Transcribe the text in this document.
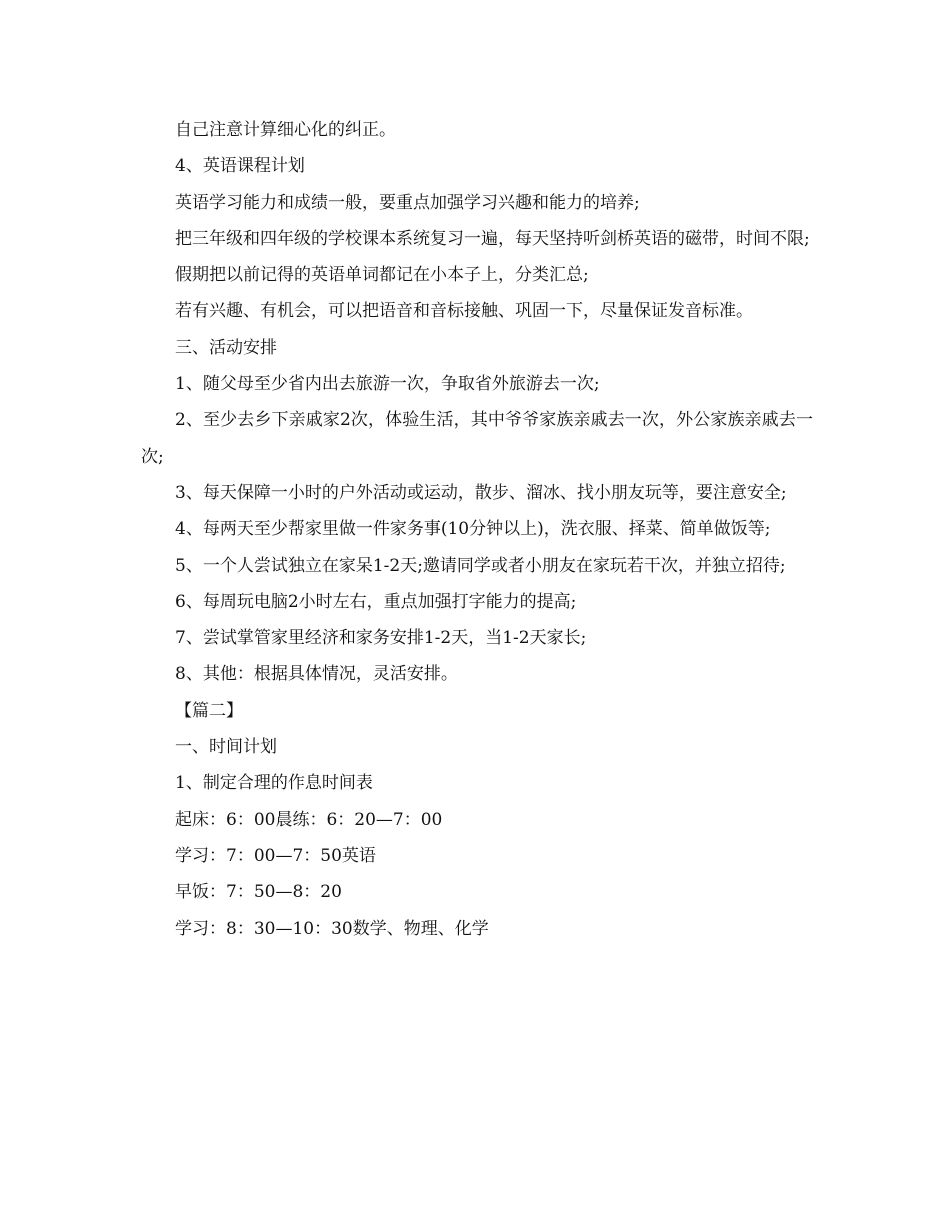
自己注意计算细心化的纠正。

4、英语课程计划

英语学习能力和成绩一般，要重点加强学习兴趣和能力的培养;

把三年级和四年级的学校课本系统复习一遍，每天坚持听剑桥英语的磁带，时间不限;

假期把以前记得的英语单词都记在小本子上，分类汇总;

若有兴趣、有机会，可以把语音和音标接触、巩固一下，尽量保证发音标准。

三、活动安排

1、随父母至少省内出去旅游一次，争取省外旅游去一次;

2、至少去乡下亲戚家2次，体验生活，其中爷爷家族亲戚去一次，外公家族亲戚去一次;

3、每天保障一小时的户外活动或运动，散步、溜冰、找小朋友玩等，要注意安全;

4、每两天至少帮家里做一件家务事(10分钟以上)，洗衣服、择菜、简单做饭等;

5、一个人尝试独立在家呆1-2天;邀请同学或者小朋友在家玩若干次，并独立招待;

6、每周玩电脑2小时左右，重点加强打字能力的提高;

7、尝试掌管家里经济和家务安排1-2天，当1-2天家长;

8、其他：根据具体情况，灵活安排。

【篇二】

一、时间计划

1、制定合理的作息时间表

起床：6：00晨练：6：20—7：00

学习：7：00—7：50英语

早饭：7：50—8：20

学习：8：30—10：30数学、物理、化学
